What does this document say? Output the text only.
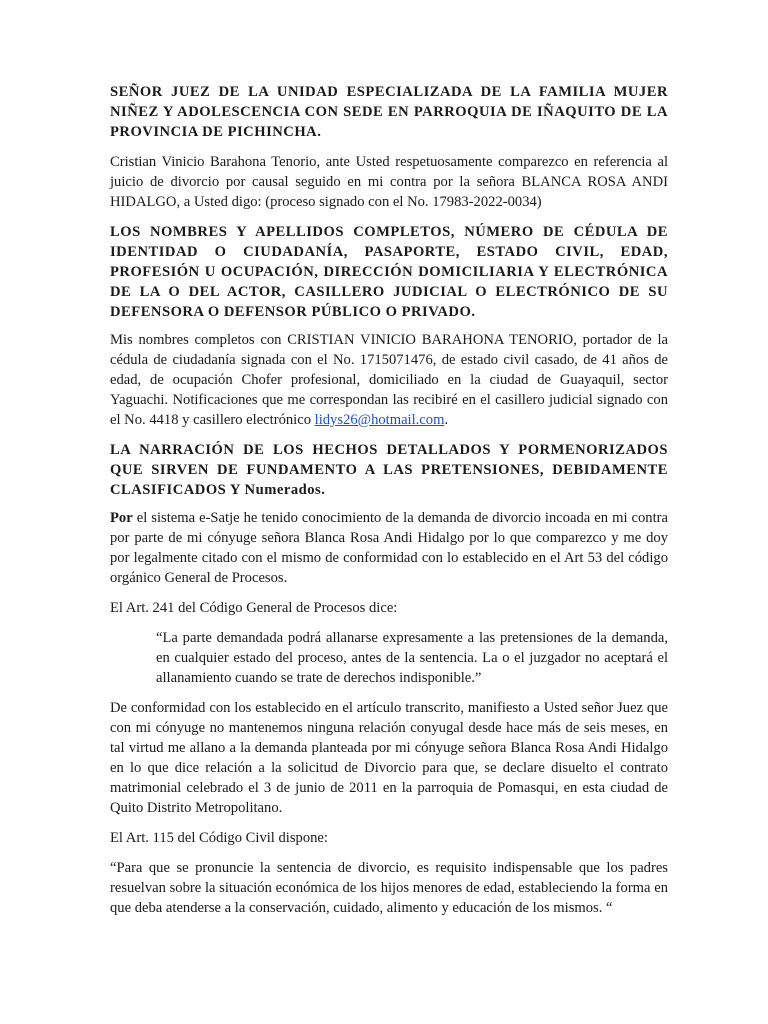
SEÑOR JUEZ DE LA UNIDAD ESPECIALIZADA DE LA FAMILIA MUJER NIÑEZ Y ADOLESCENCIA CON SEDE EN PARROQUIA DE IÑAQUITO DE LA PROVINCIA DE PICHINCHA.

Cristian Vinicio Barahona Tenorio, ante Usted respetuosamente comparezco en referencia al juicio de divorcio por causal seguido en mi contra por la señora BLANCA ROSA ANDI HIDALGO, a Usted digo: (proceso signado con el No. 17983-2022-0034)

LOS NOMBRES Y APELLIDOS COMPLETOS, NÚMERO DE CÉDULA DE IDENTIDAD O CIUDADANÍA, PASAPORTE, ESTADO CIVIL, EDAD, PROFESIÓN U OCUPACIÓN, DIRECCIÓN DOMICILIARIA Y ELECTRÓNICA DE LA O DEL ACTOR, CASILLERO JUDICIAL O ELECTRÓNICO DE SU DEFENSORA O DEFENSOR PÚBLICO O PRIVADO.

Mis nombres completos con CRISTIAN VINICIO BARAHONA TENORIO, portador de la cédula de ciudadanía signada con el No. 1715071476, de estado civil casado, de 41 años de edad, de ocupación Chofer profesional, domiciliado en la ciudad de Guayaquil, sector Yaguachi. Notificaciones que me correspondan las recibiré en el casillero judicial signado con el No. 4418 y casillero electrónico lidys26@hotmail.com.

LA NARRACIÓN DE LOS HECHOS DETALLADOS Y PORMENORIZADOS QUE SIRVEN DE FUNDAMENTO A LAS PRETENSIONES, DEBIDAMENTE CLASIFICADOS Y Numerados.

Por el sistema e-Satje he tenido conocimiento de la demanda de divorcio incoada en mi contra por parte de mi cónyuge señora Blanca Rosa Andi Hidalgo por lo que comparezco y me doy por legalmente citado con el mismo de conformidad con lo establecido en el Art 53 del código orgánico General de Procesos.

El Art. 241 del Código General de Procesos dice:

“La parte demandada podrá allanarse expresamente a las pretensiones de la demanda, en cualquier estado del proceso, antes de la sentencia. La o el juzgador no aceptará el allanamiento cuando se trate de derechos indisponible.”

De conformidad con los establecido en el artículo transcrito, manifiesto a Usted señor Juez que con mi cónyuge no mantenemos ninguna relación conyugal desde hace más de seis meses, en tal virtud me allano a la demanda planteada por mi cónyuge señora Blanca Rosa Andi Hidalgo en lo que dice relación a la solicitud de Divorcio para que, se declare disuelto el contrato matrimonial celebrado el 3 de junio de 2011 en la parroquia de Pomasqui, en esta ciudad de Quito Distrito Metropolitano.

El Art. 115 del Código Civil dispone:

“Para que se pronuncie la sentencia de divorcio, es requisito indispensable que los padres resuelvan sobre la situación económica de los hijos menores de edad, estableciendo la forma en que deba atenderse a la conservación, cuidado, alimento y educación de los mismos. “
